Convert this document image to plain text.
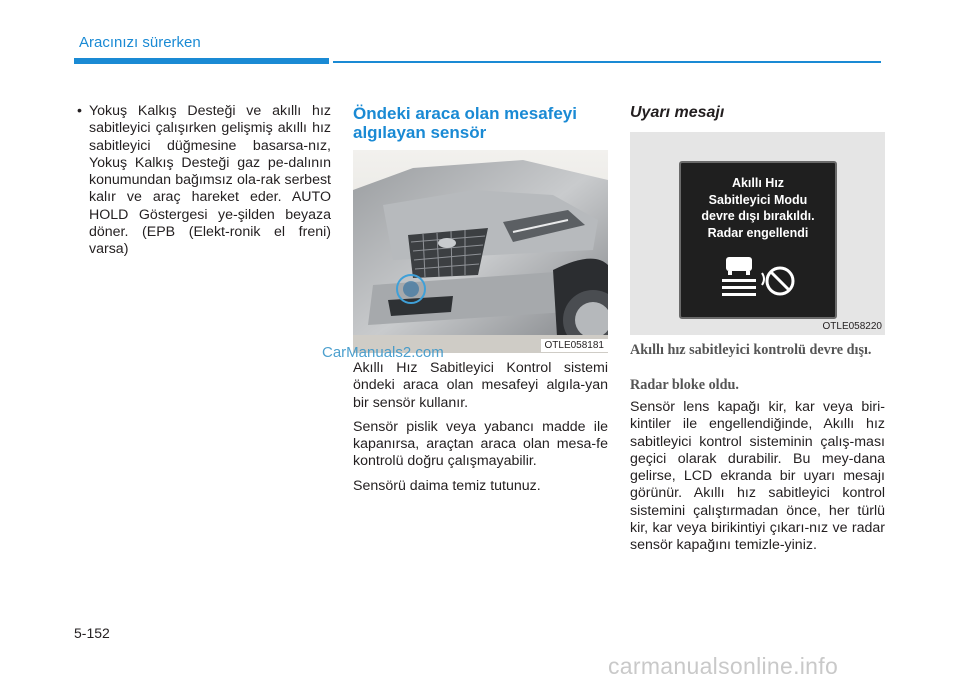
Aracınızı sürerken
• Yokuş Kalkış Desteği ve akıllı hız sabitleyici çalışırken gelişmiş akıllı hız sabitleyici düğmesine basarsa-nız, Yokuş Kalkış Desteği gaz pe-dalının konumundan bağımsız ola-rak serbest kalır ve araç hareket eder. AUTO HOLD Göstergesi ye-şilden beyaza döner. (EPB (Elekt-ronik el freni) varsa)
Öndeki araca olan mesafeyi algılayan sensör
OTLE058181

Akıllı Hız Sabitleyici Kontrol sistemi öndeki araca olan mesafeyi algıla-yan bir sensör kullanır.

Sensör pislik veya yabancı madde ile kapanırsa, araçtan araca olan mesa-fe kontrolü doğru çalışmayabilir.

Sensörü daima temiz tutunuz.

Uyarı mesajı
Akıllı Hız
Sabitleyici Modu
devre dışı bırakıldı.
Radar engellendi
OTLE058220
Akıllı hız sabitleyici kontrolü devre dışı.
Radar bloke oldu.
Sensör lens kapağı kir, kar veya biri-kintiler ile engellendiğinde, Akıllı hız sabitleyici kontrol sisteminin çalış-ması geçici olarak durabilir. Bu mey-dana gelirse, LCD ekranda bir uyarı mesajı görünür. Akıllı hız sabitleyici kontrol sistemini çalıştırmadan önce, her türlü kir, kar veya birikintiyi çıkarı-nız ve radar sensör kapağını temizle-yiniz.
CarManuals2.com
5-152
carmanualsonline.info
